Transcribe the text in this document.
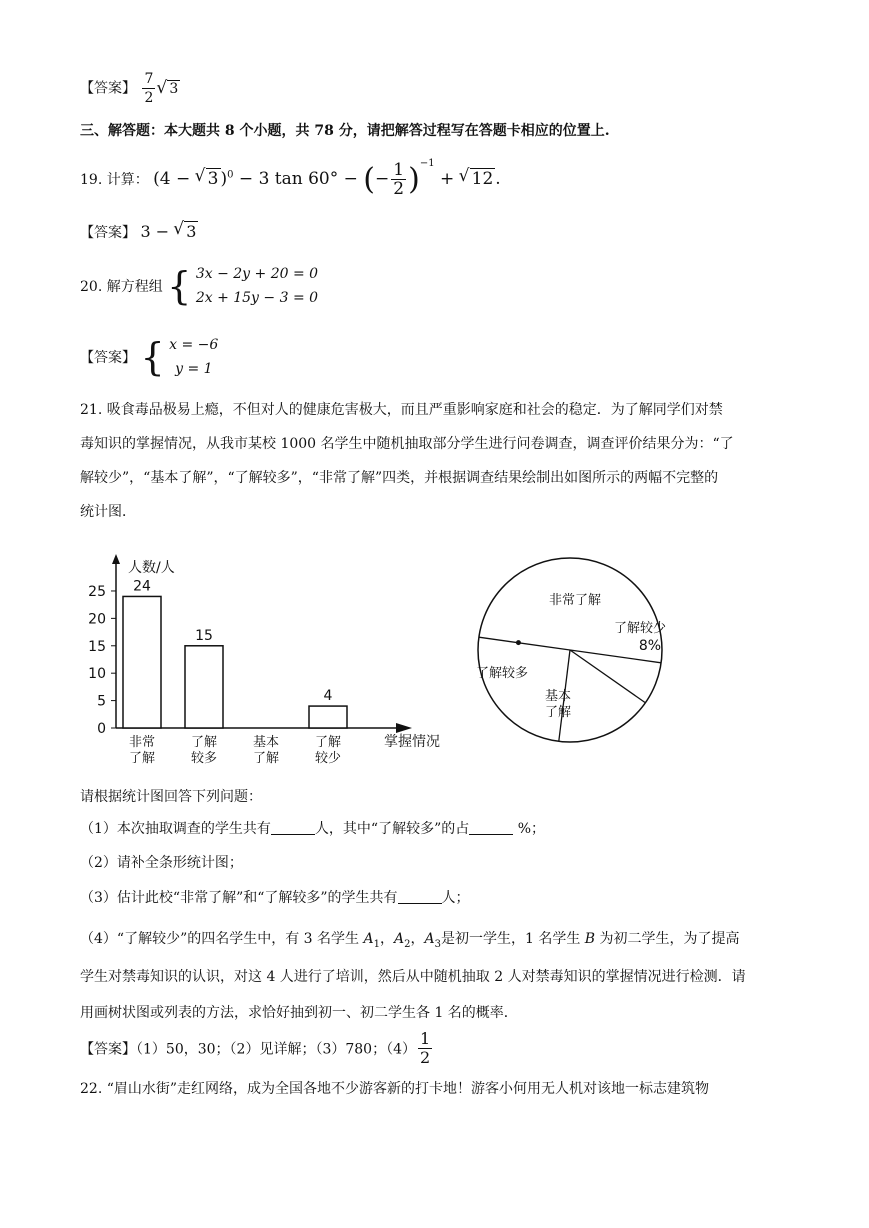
【答案】 $\frac{7}{2}$
√ 3
三、解答题：本大题共 8 个小题，共 78 分，请把解答过程写在答题卡相应的位置上.
19. 计算： (4 − √ 3 )$^0$ − 3 tan 60° − (− $\frac{1}{2} )^{-1}$ + √ 12 .
【答案】 3 − √ 3
20. 解方程组 { 3x − 2y + 20 = 0
2x + 15y − 3 = 0
【答案】 { x = −6
y = 1
21. 吸食毒品极易上瘾，不但对人的健康危害极大，而且严重影响家庭和社会的稳定．为了解同学们对禁
毒知识的掌握情况，从我市某校 1000 名学生中随机抽取部分学生进行问卷调查，调查评价结果分为：“了
解较少”，“基本了解”，“了解较多”，“非常了解”四类，并根据调查结果绘制出如图所示的两幅不完整的
统计图．
人数/人
掌握情况
0
5
10
15
20
25 24
非常
了解
15
了解
较多
基本
了解
4
了解
较少
非常了解
了解较多
基本
了解
了解较少
8%
请根据统计图回答下列问题：
（1）本次抽取调查的学生共有	人，其中“了解较多”的占	%；
（2）请补全条形统计图；
（3）估计此校“非常了解”和“了解较多”的学生共有	人；
（4）“了解较少”的四名学生中，有 3 名学生 $A_1$，$A_2$，$A_3$是初一学生，1 名学生 B 为初二学生，为了提高
学生对禁毒知识的认识，对这 4 人进行了培训，然后从中随机抽取 2 人对禁毒知识的掌握情况进行检测．请
用画树状图或列表的方法，求恰好抽到初一、初二学生各 1 名的概率．
【答案】（1）50，30；（2）见详解；（3）780；$(4) \frac{1}{2}$
22. “眉山水街”走红网络，成为全国各地不少游客新的打卡地！游客小何用无人机对该地一标志建筑物
